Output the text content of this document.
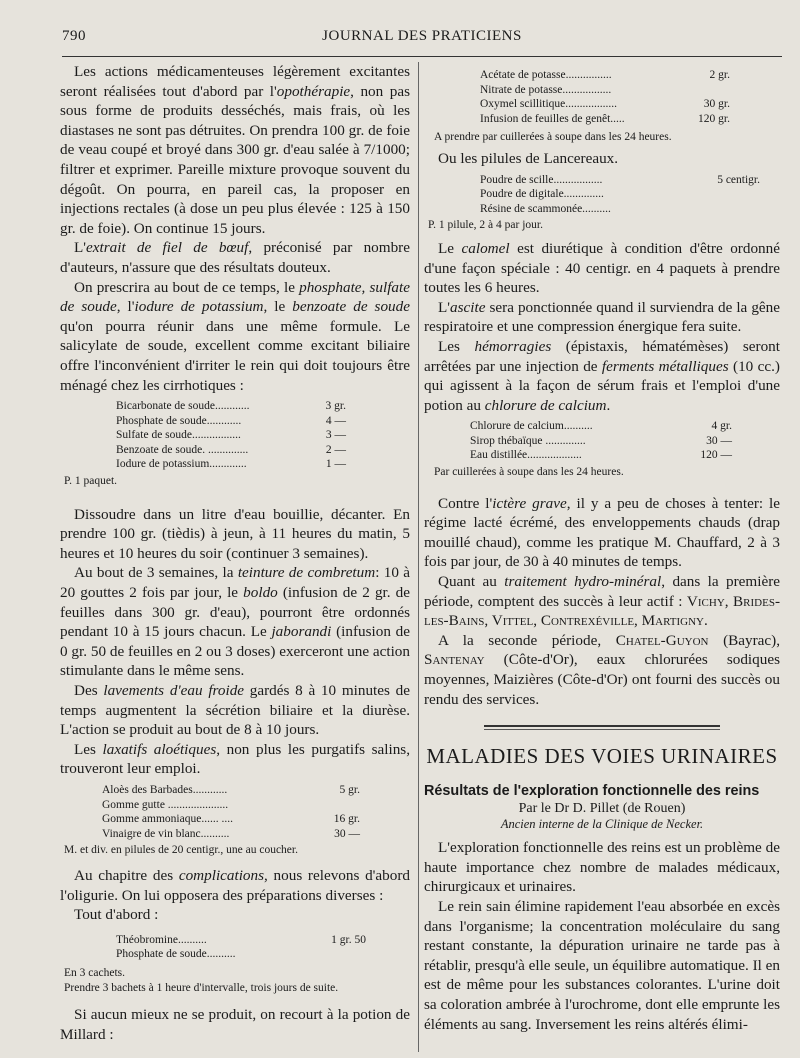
790	JOURNAL DES PRATICIENS

Les actions médicamenteuses légèrement excitantes seront réalisées tout d'abord par l'opothérapie, non pas sous forme de produits desséchés, mais frais, où les diastases ne sont pas détruites. On prendra 100 gr. de foie de veau coupé et broyé dans 300 gr. d'eau salée à 7/1000; filtrer et exprimer. Pareille mixture provoque souvent du dégoût. On pourra, en pareil cas, la proposer en injections rectales (à dose un peu plus élevée : 125 à 150 gr. de foie). On continue 15 jours.

L'extrait de fiel de bœuf, préconisé par nombre d'auteurs, n'assure que des résultats douteux.

On prescrira au bout de ce temps, le phosphate, sulfate de soude, l'iodure de potassium, le benzoate de soude qu'on pourra réunir dans une même formule. Le salicylate de soude, excellent comme excitant biliaire offre l'inconvénient d'irriter le rein qui doit toujours être ménagé chez les cirrhotiques :

Bicarbonate de soude............	3 gr.
Phosphate de soude............	4 —
Sulfate de soude.................	3 —
Benzoate de soude. ..............	2 —
Iodure de potassium.............	1 —
P. 1 paquet.

Dissoudre dans un litre d'eau bouillie, décanter. En prendre 100 gr. (tièdis) à jeun, à 11 heures du matin, 5 heures et 10 heures du soir (continuer 3 semaines).

Au bout de 3 semaines, la teinture de combretum: 10 à 20 gouttes 2 fois par jour, le boldo (infusion de 2 gr. de feuilles dans 300 gr. d'eau), pourront être ordonnés pendant 10 à 15 jours chacun. Le jaborandi (infusion de 0 gr. 50 de feuilles en 2 ou 3 doses) exerceront une action stimulante dans le même sens.

Des lavements d'eau froide gardés 8 à 10 minutes de temps augmentent la sécrétion biliaire et la diurèse. L'action se produit au bout de 8 à 10 jours.

Les laxatifs aloétiques, non plus les purgatifs salins, trouveront leur emploi.

Aloès des Barbades............	5 gr.
Gomme gutte .....................
Gomme ammoniaque...... ....	16 gr.
Vinaigre de vin blanc..........	30 —
M. et div. en pilules de 20 centigr., une au coucher.

Au chapitre des complications, nous relevons d'abord l'oligurie. On lui opposera des préparations diverses :

Tout d'abord :

Théobromine..........	1 gr. 50
Phosphate de soude..........
En 3 cachets.
Prendre 3 bachets à 1 heure d'intervalle, trois jours de suite.

Si aucun mieux ne se produit, on recourt à la potion de Millard :

Acétate de potasse................	2 gr.
Nitrate de potasse.................
Oxymel scillitique..................	30 gr.
Infusion de feuilles de genêt.....	120 gr.
A prendre par cuillerées à soupe dans les 24 heures.

Ou les pilules de Lancereaux.

Poudre de scille.................	5 centigr.
Poudre de digitale..............
Résine de scammonée..........
P. 1 pilule, 2 à 4 par jour.

Le calomel est diurétique à condition d'être ordonné d'une façon spéciale : 40 centigr. en 4 paquets à prendre toutes les 6 heures.

L'ascite sera ponctionnée quand il surviendra de la gêne respiratoire et une compression énergique fera suite.

Les hémorragies (épistaxis, hématémèses) seront arrêtées par une injection de ferments métalliques (10 cc.) qui agissent à la façon de sérum frais et l'emploi d'une potion au chlorure de calcium.

Chlorure de calcium..........	4 gr.
Sirop thébaïque ..............	30 —
Eau distillée...................	120 —
Par cuillerées à soupe dans les 24 heures.

Contre l'ictère grave, il y a peu de choses à tenter: le régime lacté écrémé, des enveloppements chauds (drap mouillé chaud), comme les pratique M. Chauffard, 2 à 3 fois par jour, de 30 à 40 minutes de temps.

Quant au traitement hydro-minéral, dans la première période, comptent des succès à leur actif : Vichy, Brides-les-Bains, Vittel, Contrexéville, Martigny.

A la seconde période, Chatel-Guyon (Bayrac), Santenay (Côte-d'Or), eaux chlorurées sodiques moyennes, Maizières (Côte-d'Or) ont fourni des succès ou rendu des services.

MALADIES DES VOIES URINAIRES
Résultats de l'exploration fonctionnelle des reins
Par le Dr D. Pillet (de Rouen)
Ancien interne de la Clinique de Necker.

L'exploration fonctionnelle des reins est un problème de haute importance chez nombre de malades médicaux, chirurgicaux et urinaires.

Le rein sain élimine rapidement l'eau absorbée en excès dans l'organisme; la concentration moléculaire du sang restant constante, la dépuration urinaire ne tarde pas à rétablir, presqu'à elle seule, un équilibre automatique. Il en est de même pour les substances colorantes. L'urine doit sa coloration ambrée à l'urochrome, dont elle emprunte les éléments au sang. Inversement les reins altérés élimi-
